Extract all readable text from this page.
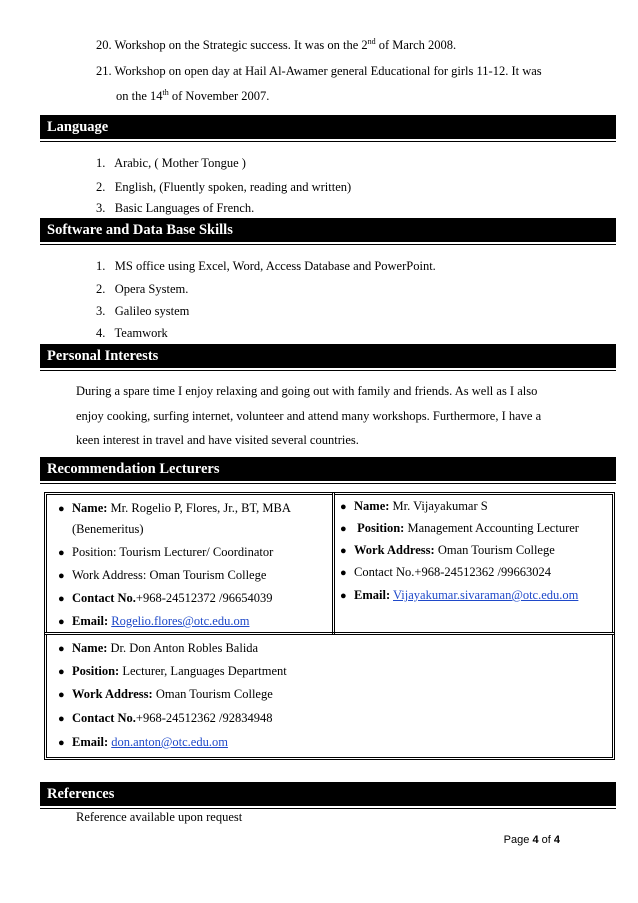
20. Workshop on the Strategic success. It was on the 2nd of March 2008.
21. Workshop on open day at Hail Al-Awamer general Educational for girls 11-12. It was
on the 14th of November 2007.
Language
1.   Arabic, ( Mother Tongue )
2.   English, (Fluently spoken, reading and written)
3.   Basic Languages of French.
Software and Data Base Skills
1.   MS office using Excel, Word, Access Database and PowerPoint.
2.   Opera System.
3.   Galileo system
4.   Teamwork
Personal Interests
During a spare time I enjoy relaxing and going out with family and friends. As well as I also
enjoy cooking, surfing internet, volunteer and attend many workshops. Furthermore, I have a
keen interest in travel and have visited several countries.
Recommendation Lecturers
● Name: Mr. Rogelio P, Flores, Jr., BT, MBA
(Benemeritus)
● Position: Tourism Lecturer/ Coordinator
● Work Address: Oman Tourism College
● Contact No.+968-24512372 /96654039
● Email: Rogelio.flores@otc.edu.om
● Name: Mr. Vijayakumar S
● Position: Management Accounting Lecturer
● Work Address: Oman Tourism College
● Contact No.+968-24512362 /99663024
● Email: Vijayakumar.sivaraman@otc.edu.om
● Name: Dr. Don Anton Robles Balida
● Position: Lecturer, Languages Department
● Work Address: Oman Tourism College
● Contact No.+968-24512362 /92834948
● Email: don.anton@otc.edu.om
References
Reference available upon request
Page 4 of 4
